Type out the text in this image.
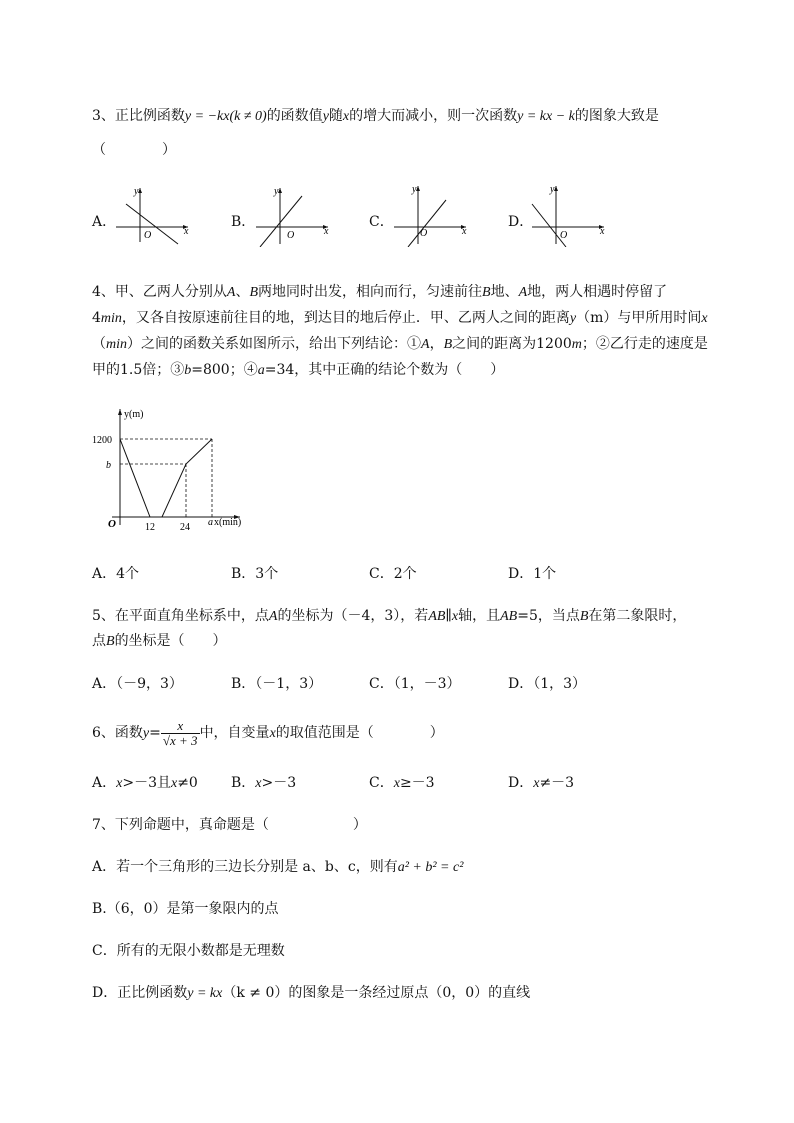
3、正比例函数y = −kx(k ≠ 0)的函数值y随x的增大而减小，则一次函数y = kx − k的图象大致是
（　　　　）
A．
y
x
O
B．
y
x
O
C．
y
x
O
D．
y
x
O
4、甲、乙两人分别从A、B两地同时出发，相向而行，匀速前往B地、A地，两人相遇时停留了
4min，又各自按原速前往目的地，到达目的地后停止．甲、乙两人之间的距离y（m）与甲所用时间x
（min）之间的函数关系如图所示，给出下列结论：①A，B之间的距离为1200m；②乙行走的速度是
甲的1.5倍；③b=800；④a=34，其中正确的结论个数为（　　）
y(m)
x(min)
1200
b
O	12	24 a
A．4个	B．3个	C．2个	D．1个
5、在平面直角坐标系中，点A的坐标为（－4，3），若AB∥x轴，且AB=5，当点B在第二象限时，
点B的坐标是（　　）
A．（－9，3）	B．（－1，3）	C．（1，－3）	D．（1，3）
6、函数$y= \frac{x}{√x + 3}$ 中，自变量x的取值范围是（　　　　）
A．x>－3且x≠0 B．x>－3	C．x≥－3	D．x≠－3
7、下列命题中，真命题是（　　　　　　）
A．若一个三角形的三边长分别是 a、b、c，则有a² + b² = c²
B.（6，0）是第一象限内的点
C．所有的无限小数都是无理数
D．正比例函数y = kx（k ≠ 0）的图象是一条经过原点（0，0）的直线
